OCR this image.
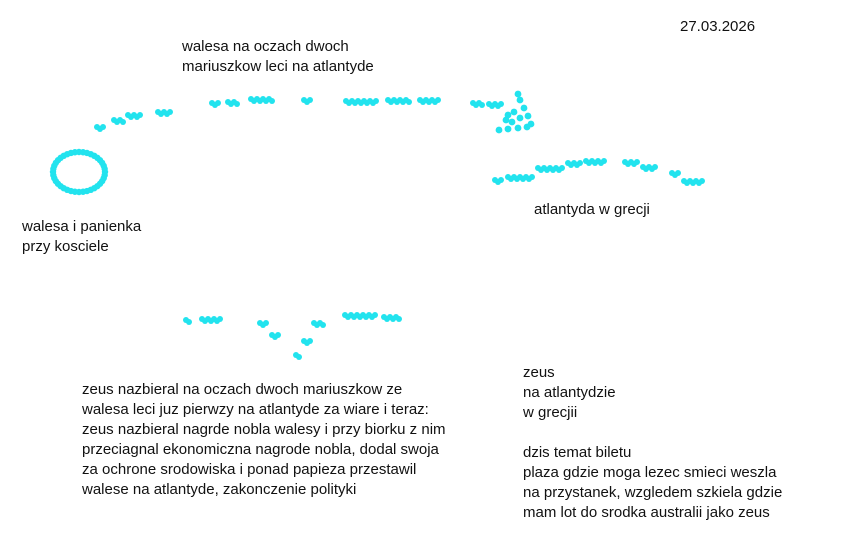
27.03.2026

walesa na oczach dwoch
mariuszkow leci na atlantyde

walesa i panienka
przy kosciele

atlantyda w grecji

zeus nazbieral na oczach dwoch mariuszkow ze
walesa leci juz pierwzy na atlantyde za wiare i teraz:
zeus nazbieral nagrde nobla walesy i przy biorku z nim
przeciagnal ekonomiczna nagrode nobla, dodal swoja
za ochrone srodowiska i ponad papieza przestawil
walese na atlantyde, zakonczenie polityki

zeus
na atlantydzie
w grecjii

dzis temat biletu
plaza gdzie moga lezec smieci weszla
na przystanek, wzgledem szkiela gdzie
mam lot do srodka australii jako zeus
